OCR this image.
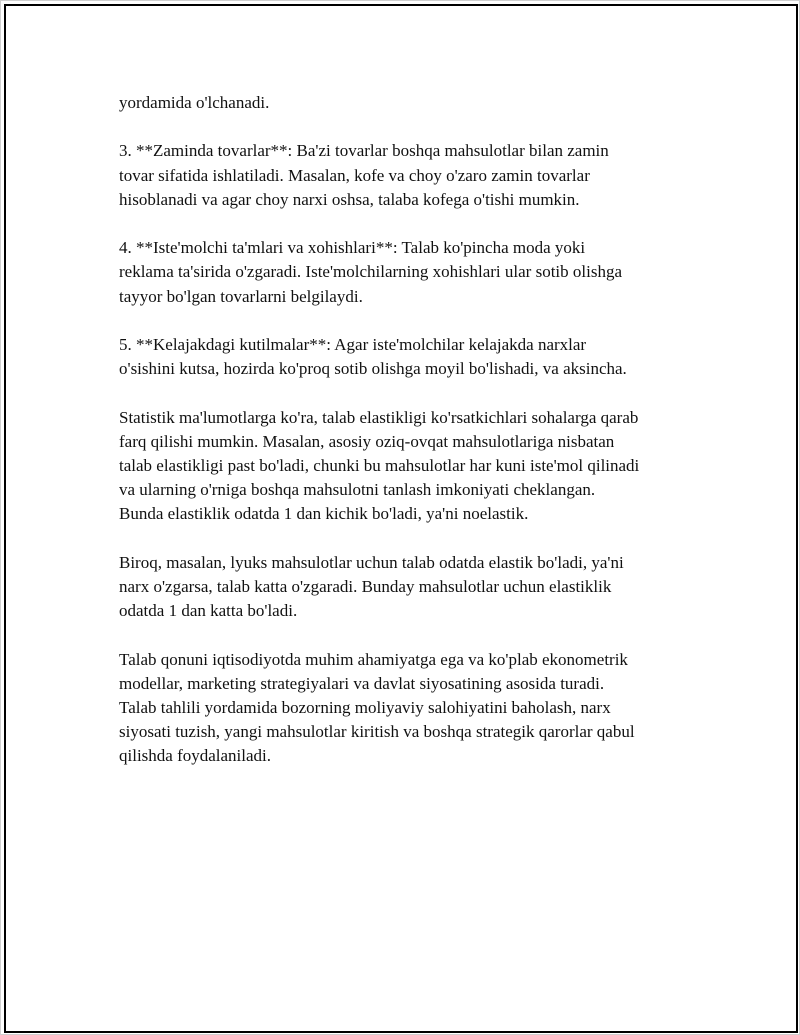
yordamida o'lchanadi.

3. **Zaminda tovarlar**: Ba'zi tovarlar boshqa mahsulotlar bilan zamin
tovar sifatida ishlatiladi. Masalan, kofe va choy o'zaro zamin tovarlar
hisoblanadi va agar choy narxi oshsa, talaba kofega o'tishi mumkin.

4. **Iste'molchi ta'mlari va xohishlari**: Talab ko'pincha moda yoki
reklama ta'sirida o'zgaradi. Iste'molchilarning xohishlari ular sotib olishga
tayyor bo'lgan tovarlarni belgilaydi.

5. **Kelajakdagi kutilmalar**: Agar iste'molchilar kelajakda narxlar
o'sishini kutsa, hozirda ko'proq sotib olishga moyil bo'lishadi, va aksincha.

Statistik ma'lumotlarga ko'ra, talab elastikligi ko'rsatkichlari sohalarga qarab
farq qilishi mumkin. Masalan, asosiy oziq-ovqat mahsulotlariga nisbatan
talab elastikligi past bo'ladi, chunki bu mahsulotlar har kuni iste'mol qilinadi
va ularning o'rniga boshqa mahsulotni tanlash imkoniyati cheklangan.
Bunda elastiklik odatda 1 dan kichik bo'ladi, ya'ni noelastik.

Biroq, masalan, lyuks mahsulotlar uchun talab odatda elastik bo'ladi, ya'ni
narx o'zgarsa, talab katta o'zgaradi. Bunday mahsulotlar uchun elastiklik
odatda 1 dan katta bo'ladi.

Talab qonuni iqtisodiyotda muhim ahamiyatga ega va ko'plab ekonometrik
modellar, marketing strategiyalari va davlat siyosatining asosida turadi.
Talab tahlili yordamida bozorning moliyaviy salohiyatini baholash, narx
siyosati tuzish, yangi mahsulotlar kiritish va boshqa strategik qarorlar qabul
qilishda foydalaniladi.
